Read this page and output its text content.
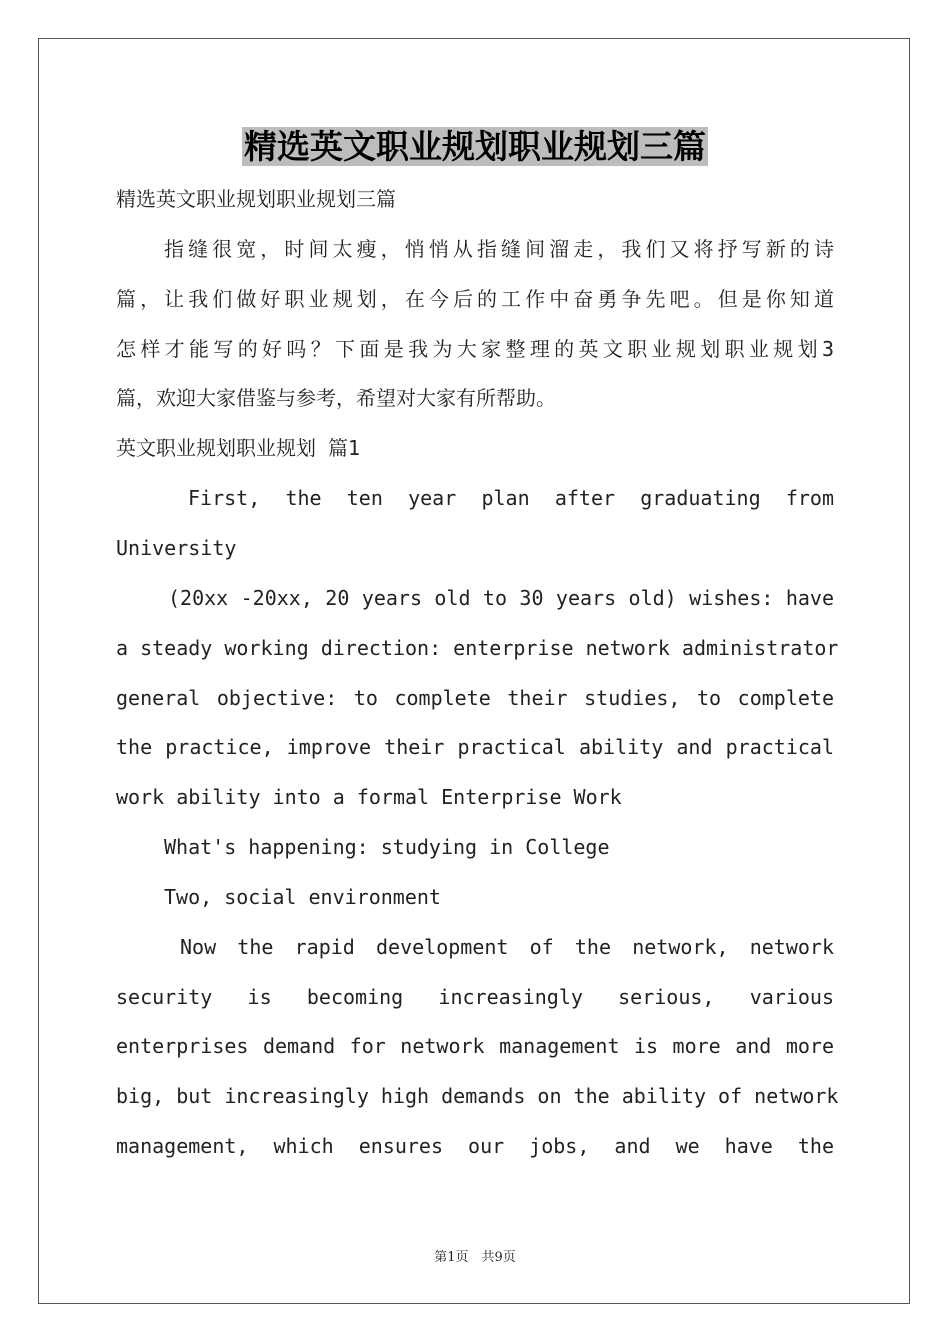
精选英文职业规划职业规划三篇
精选英文职业规划职业规划三篇
指缝很宽，时间太瘦，悄悄从指缝间溜走，我们又将抒写新的诗
篇，让我们做好职业规划，在今后的工作中奋勇争先吧。但是你知道
怎样才能写的好吗？下面是我为大家整理的英文职业规划职业规划3
篇，欢迎大家借鉴与参考，希望对大家有所帮助。
英文职业规划职业规划 篇1
First, the ten year plan after graduating from
University
(20xx -20xx, 20 years old to 30 years old) wishes: have
a steady working direction: enterprise network administrator
general objective: to complete their studies, to complete
the practice, improve their practical ability and practical
work ability into a formal Enterprise Work
What's happening: studying in College
Two, social environment
Now the rapid development of the network, network
security is becoming increasingly serious, various
enterprises demand for network management is more and more
big, but increasingly high demands on the ability of network
management, which ensures our jobs, and we have the
第1页　共9页
